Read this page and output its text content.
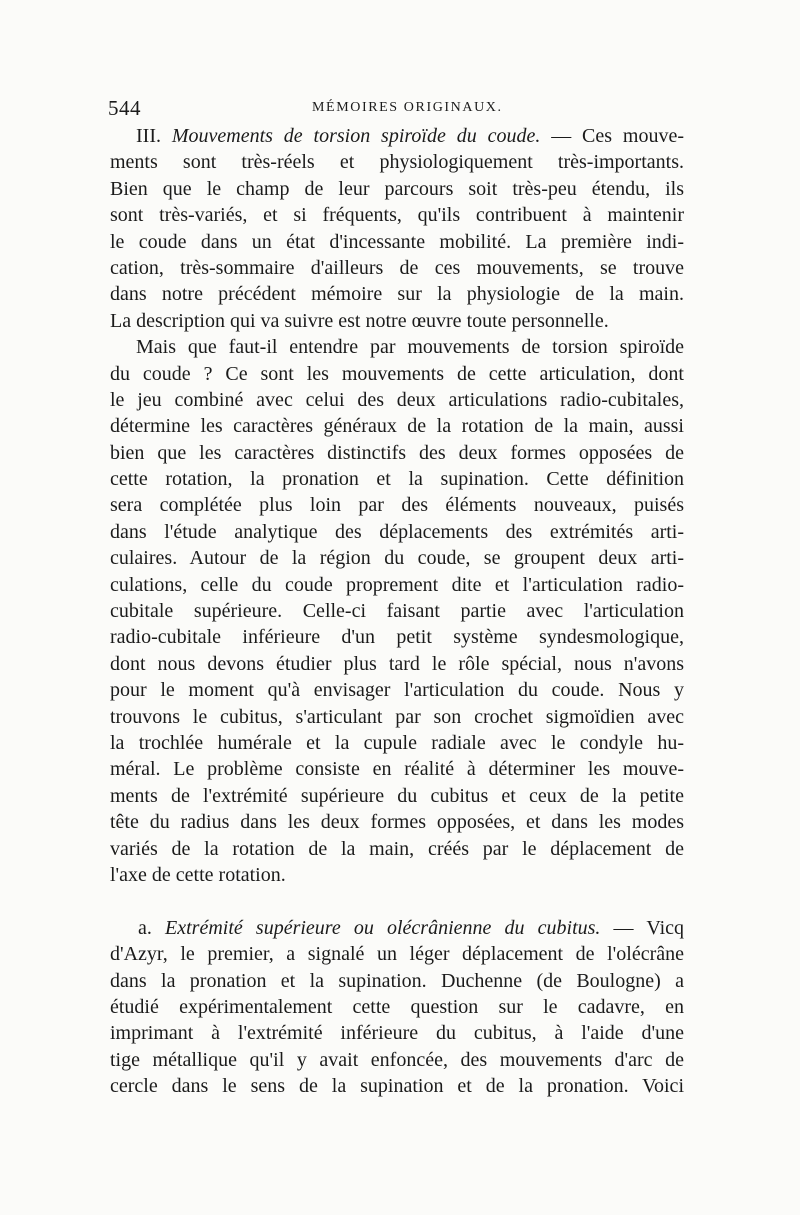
544	MÉMOIRES ORIGINAUX.
III. Mouvements de torsion spiroïde du coude. — Ces mouve-
ments sont très-réels et physiologiquement très-importants.
Bien que le champ de leur parcours soit très-peu étendu, ils
sont très-variés, et si fréquents, qu'ils contribuent à maintenir
le coude dans un état d'incessante mobilité. La première indi-
cation, très-sommaire d'ailleurs de ces mouvements, se trouve
dans notre précédent mémoire sur la physiologie de la main.
La description qui va suivre est notre œuvre toute personnelle.
Mais que faut-il entendre par mouvements de torsion spiroïde
du coude ? Ce sont les mouvements de cette articulation, dont
le jeu combiné avec celui des deux articulations radio-cubitales,
détermine les caractères généraux de la rotation de la main, aussi
bien que les caractères distinctifs des deux formes opposées de
cette rotation, la pronation et la supination. Cette définition
sera complétée plus loin par des éléments nouveaux, puisés
dans l'étude analytique des déplacements des extrémités arti-
culaires. Autour de la région du coude, se groupent deux arti-
culations, celle du coude proprement dite et l'articulation radio-
cubitale supérieure. Celle-ci faisant partie avec l'articulation
radio-cubitale inférieure d'un petit système syndesmologique,
dont nous devons étudier plus tard le rôle spécial, nous n'avons
pour le moment qu'à envisager l'articulation du coude. Nous y
trouvons le cubitus, s'articulant par son crochet sigmoïdien avec
la trochlée humérale et la cupule radiale avec le condyle hu-
méral. Le problème consiste en réalité à déterminer les mouve-
ments de l'extrémité supérieure du cubitus et ceux de la petite
tête du radius dans les deux formes opposées, et dans les modes
variés de la rotation de la main, créés par le déplacement de
l'axe de cette rotation.
a. Extrémité supérieure ou olécrânienne du cubitus. — Vicq
d'Azyr, le premier, a signalé un léger déplacement de l'olécrâne
dans la pronation et la supination. Duchenne (de Boulogne) a
étudié expérimentalement cette question sur le cadavre, en
imprimant à l'extrémité inférieure du cubitus, à l'aide d'une
tige métallique qu'il y avait enfoncée, des mouvements d'arc de
cercle dans le sens de la supination et de la pronation. Voici
